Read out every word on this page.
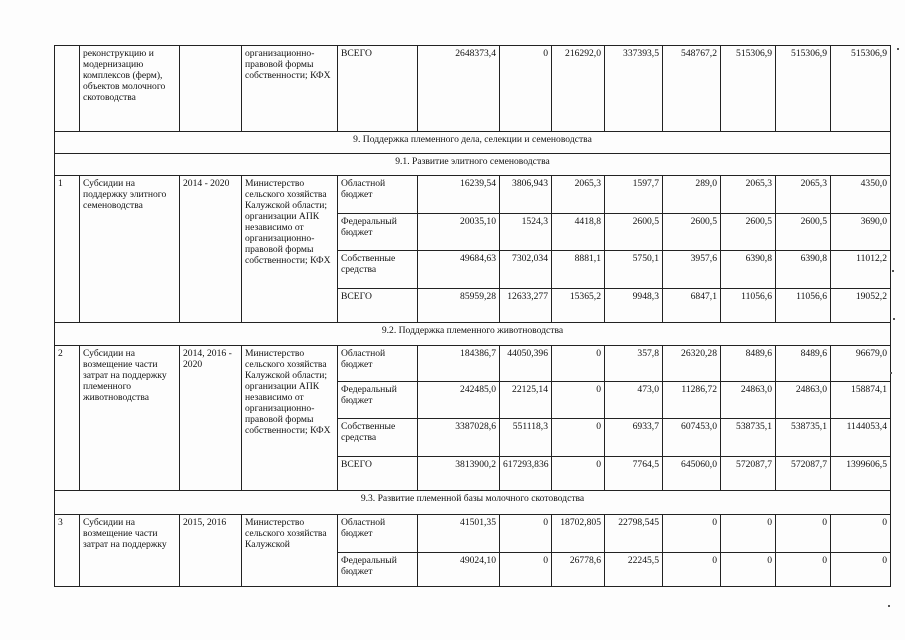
	реконструкцию и модернизацию комплексов (ферм), объектов молочного скотоводства		организационно-правовой формы собственности; КФХ	ВСЕГО	2648373,4	0	216292,0	337393,5	548767,2	515306,9	515306,9	515306,9
9. Поддержка племенного дела, селекции и семеноводства												
9.1. Развитие элитного семеноводства												
1	Субсидии на поддержку элитного семеноводства	2014 - 2020	Министерство сельского хозяйства Калужской области; организации АПК независимо от организационно-правовой формы собственности; КФХ	Областной бюджет	16239,54	3806,943	2065,3	1597,7	289,0	2065,3	2065,3	4350,0
				Федеральный бюджет	20035,10	1524,3	4418,8	2600,5	2600,5	2600,5	2600,5	3690,0
				Собственные средства	49684,63	7302,034	8881,1	5750,1	3957,6	6390,8	6390,8	11012,2
				ВСЕГО	85959,28	12633,277	15365,2	9948,3	6847,1	11056,6	11056,6	19052,2
9.2. Поддержка племенного животноводства												
2	Субсидии на возмещение части затрат на поддержку племенного животноводства	2014, 2016 - 2020	Министерство сельского хозяйства Калужской области; организации АПК независимо от организационно-правовой формы собственности; КФХ	Областной бюджет	184386,7	44050,396	0	357,8	26320,28	8489,6	8489,6	96679,0
				Федеральный бюджет	242485,0	22125,14	0	473,0	11286,72	24863,0	24863,0	158874,1
				Собственные средства	3387028,6	551118,3	0	6933,7	607453,0	538735,1	538735,1	1144053,4
				ВСЕГО	3813900,2	617293,836	0	7764,5	645060,0	572087,7	572087,7	1399606,5
9.3. Развитие племенной базы молочного скотоводства												
3	Субсидии на возмещение части затрат на поддержку	2015, 2016	Министерство сельского хозяйства Калужской	Областной бюджет	41501,35	0	18702,805	22798,545	0	0	0	0
				Федеральный бюджет	49024,10	0	26778,6	22245,5	0	0	0	0
